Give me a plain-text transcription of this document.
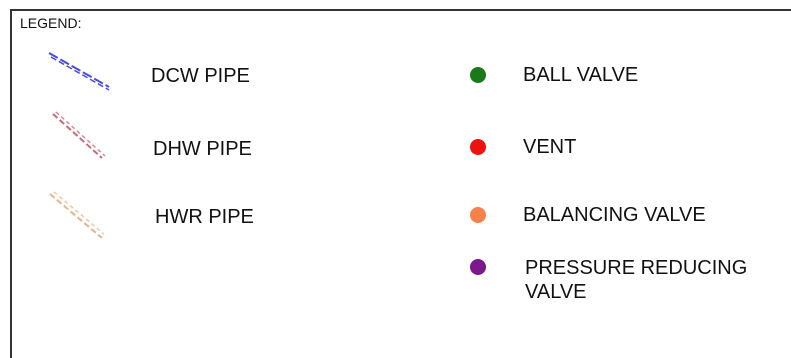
LEGEND:
DCW PIPE
DHW PIPE
HWR PIPE
BALL VALVE
VENT
BALANCING VALVE
PRESSURE REDUCING VALVE
